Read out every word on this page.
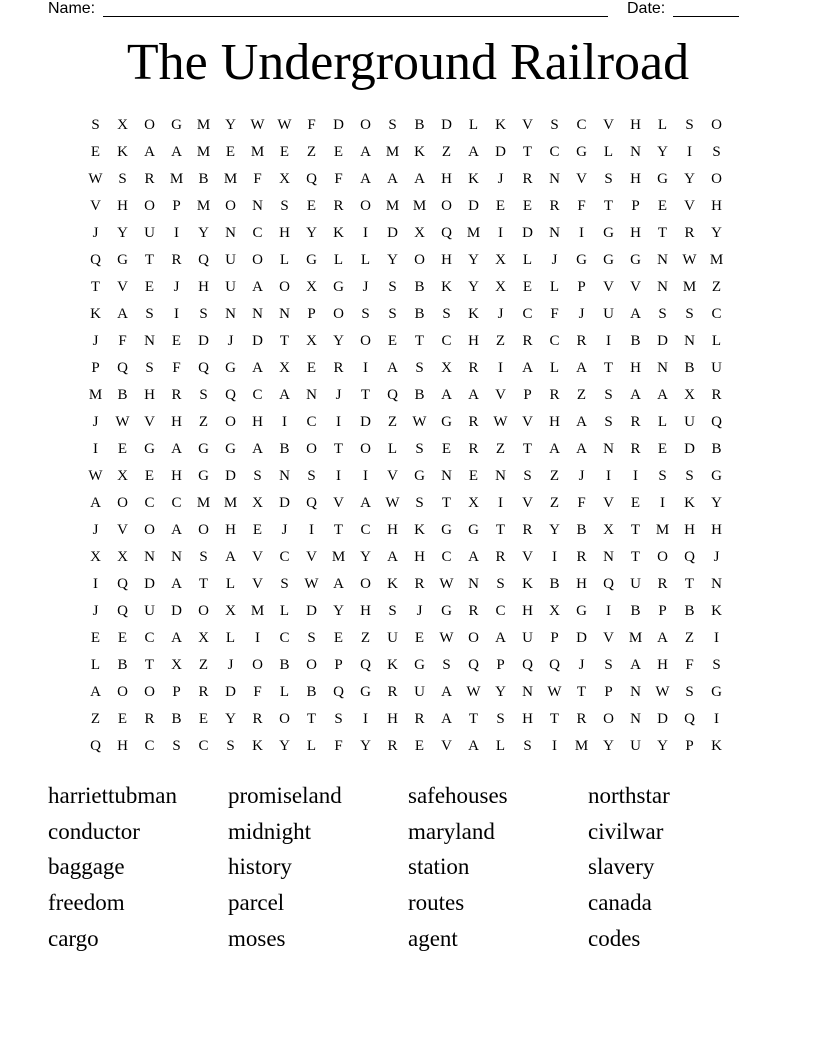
Name:	Date:
The Underground Railroad
S	X	O	G M Y W W	F	D	O	S	B	D	L	K	V	S	C	V	H	L	S	O
E	K	A	A M	E	M	E	Z	E	A M K	Z	A	D	T	C	G	L	N	Y	I	S
W	S	R	M	B	M	F	X	Q	F	A	A	A	H	K	J	R	N	V	S	H	G	Y	O
V	H	O	P	M O	N	S	E	R	O M M O	D	E	E	R	F	T	P	E	V	H
J	Y	U	I	Y	N	C	H	Y	K	I	D	X	Q M	I	D	N	I	G	H	T	R	Y
Q	G	T	R	Q	U	O	L	G	L	L	Y	O	H	Y	X	L	J	G	G	G	N W M
T	V	E	J	H	U	A	O	X	G	J	S	B	K	Y	X	E	L	P	V	V	N M	Z
K	A	S	I	S	N	N	N	P	O	S	S	B	S	K	J	C	F	J	U	A	S	S	C
J	F	N	E	D	J	D	T	X	Y	O	E	T	C	H	Z	R	C	R	I	B	D	N	L
P	Q	S	F	Q	G	A	X	E	R	I	A	S	X	R	I	A	L	A	T	H	N	B	U
M	B	H	R	S	Q	C	A	N	J	T	Q	B	A	A	V	P	R	Z	S	A	A	X	R
J	W V	H	Z	O	H	I	C	I	D	Z	W G	R W V	H	A	S	R	L	U	Q
I	E	G	A	G	G	A	B	O	T	O	L	S	E	R	Z	T	A	A	N	R	E	D	B
W X	E	H	G	D	S	N	S	I	I	V	G	N	E	N	S	Z	J	I	I	S	S	G
A	O	C	C	M M X	D	Q	V	A W	S	T	X	I	V	Z	F	V	E	I	K	Y
J	V	O	A	O	H	E	J	I	T	C	H	K	G	G	T	R	Y	B	X	T	M H	H
X	X	N	N	S	A	V	C	V M Y	A	H	C	A	R	V	I	R	N	T	O	Q	J
I	Q	D	A	T	L	V	S	W A	O	K	R W N	S	K	B	H	Q	U	R	T	N
J	Q	U	D	O	X M	L	D	Y	H	S	J	G	R	C	H	X	G	I	B	P	B	K
E	E	C	A	X	L	I	C	S	E	Z	U	E	W O	A	U	P	D	V M A	Z	I
L	B	T	X	Z	J	O	B	O	P	Q	K	G	S	Q	P	Q	Q	J	S	A	H	F	S
A	O	O	P	R	D	F	L	B	Q	G	R	U	A W Y	N W	T	P	N W	S	G
Z	E	R	B	E	Y	R	O	T	S	I	H	R	A	T	S	H	T	R	O	N	D	Q	I
Q	H	C	S	C	S	K	Y	L	F	Y	R	E	V	A	L	S	I	M Y	U	Y	P	K
harriettubman	promiseland	safehouses	northstar
conductor	midnight	maryland	civilwar
baggage	history	station	slavery
freedom	parcel	routes	canada
cargo	moses	agent	codes
